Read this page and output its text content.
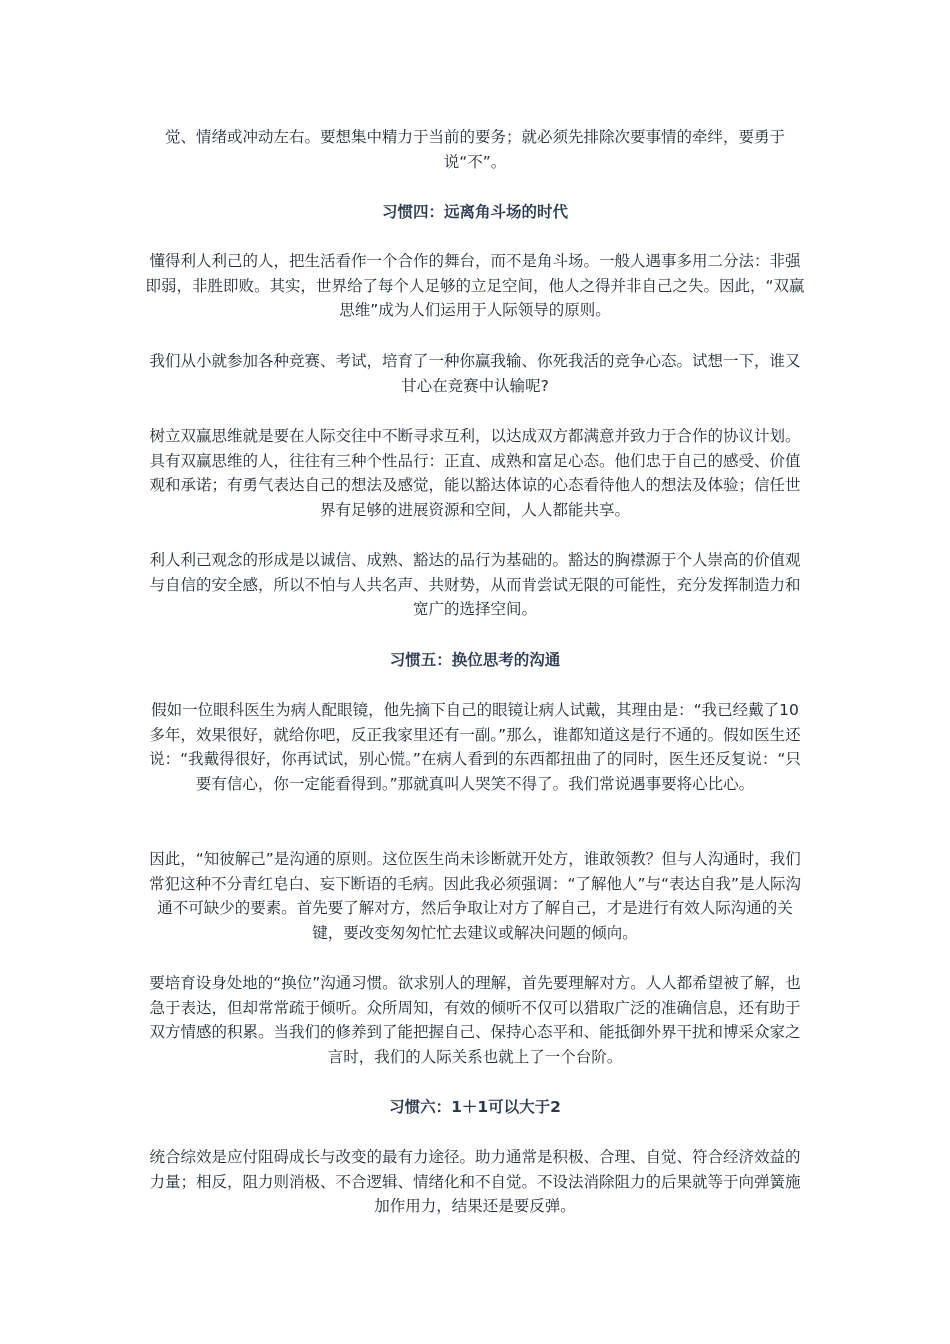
觉、情绪或冲动左右。要想集中精力于当前的要务；就必须先排除次要事情的牵绊，要勇于说“不”。

习惯四：远离角斗场的时代

懂得利人利己的人，把生活看作一个合作的舞台，而不是角斗场。一般人遇事多用二分法：非强即弱，非胜即败。其实，世界给了每个人足够的立足空间，他人之得并非自己之失。因此，“双赢思维”成为人们运用于人际领导的原则。

我们从小就参加各种竞赛、考试，培育了一种你赢我输、你死我活的竞争心态。试想一下，谁又甘心在竞赛中认输呢?

树立双赢思维就是要在人际交往中不断寻求互利，以达成双方都满意并致力于合作的协议计划。具有双赢思维的人，往往有三种个性品行：正直、成熟和富足心态。他们忠于自己的感受、价值观和承诺；有勇气表达自己的想法及感觉，能以豁达体谅的心态看待他人的想法及体验；信任世界有足够的进展资源和空间，人人都能共享。

利人利己观念的形成是以诚信、成熟、豁达的品行为基础的。豁达的胸襟源于个人崇高的价值观与自信的安全感，所以不怕与人共名声、共财势，从而肯尝试无限的可能性，充分发挥制造力和宽广的选择空间。

习惯五：换位思考的沟通

假如一位眼科医生为病人配眼镜，他先摘下自己的眼镜让病人试戴，其理由是：“我已经戴了10多年，效果很好，就给你吧，反正我家里还有一副。”那么，谁都知道这是行不通的。假如医生还说：“我戴得很好，你再试试，别心慌。”在病人看到的东西都扭曲了的同时，医生还反复说：“只要有信心，你一定能看得到。”那就真叫人哭笑不得了。我们常说遇事要将心比心。

因此，“知彼解己”是沟通的原则。这位医生尚未诊断就开处方，谁敢领教？但与人沟通时，我们常犯这种不分青红皂白、妄下断语的毛病。因此我必须强调：“了解他人”与“表达自我”是人际沟通不可缺少的要素。首先要了解对方，然后争取让对方了解自己，才是进行有效人际沟通的关键，要改变匆匆忙忙去建议或解决问题的倾向。

要培育设身处地的“换位”沟通习惯。欲求别人的理解，首先要理解对方。人人都希望被了解，也急于表达，但却常常疏于倾听。众所周知，有效的倾听不仅可以猎取广泛的准确信息，还有助于双方情感的积累。当我们的修养到了能把握自己、保持心态平和、能抵御外界干扰和博采众家之言时，我们的人际关系也就上了一个台阶。

习惯六：1＋1可以大于2

统合综效是应付阻碍成长与改变的最有力途径。助力通常是积极、合理、自觉、符合经济效益的力量；相反，阻力则消极、不合逻辑、情绪化和不自觉。不设法消除阻力的后果就等于向弹簧施加作用力，结果还是要反弹。
